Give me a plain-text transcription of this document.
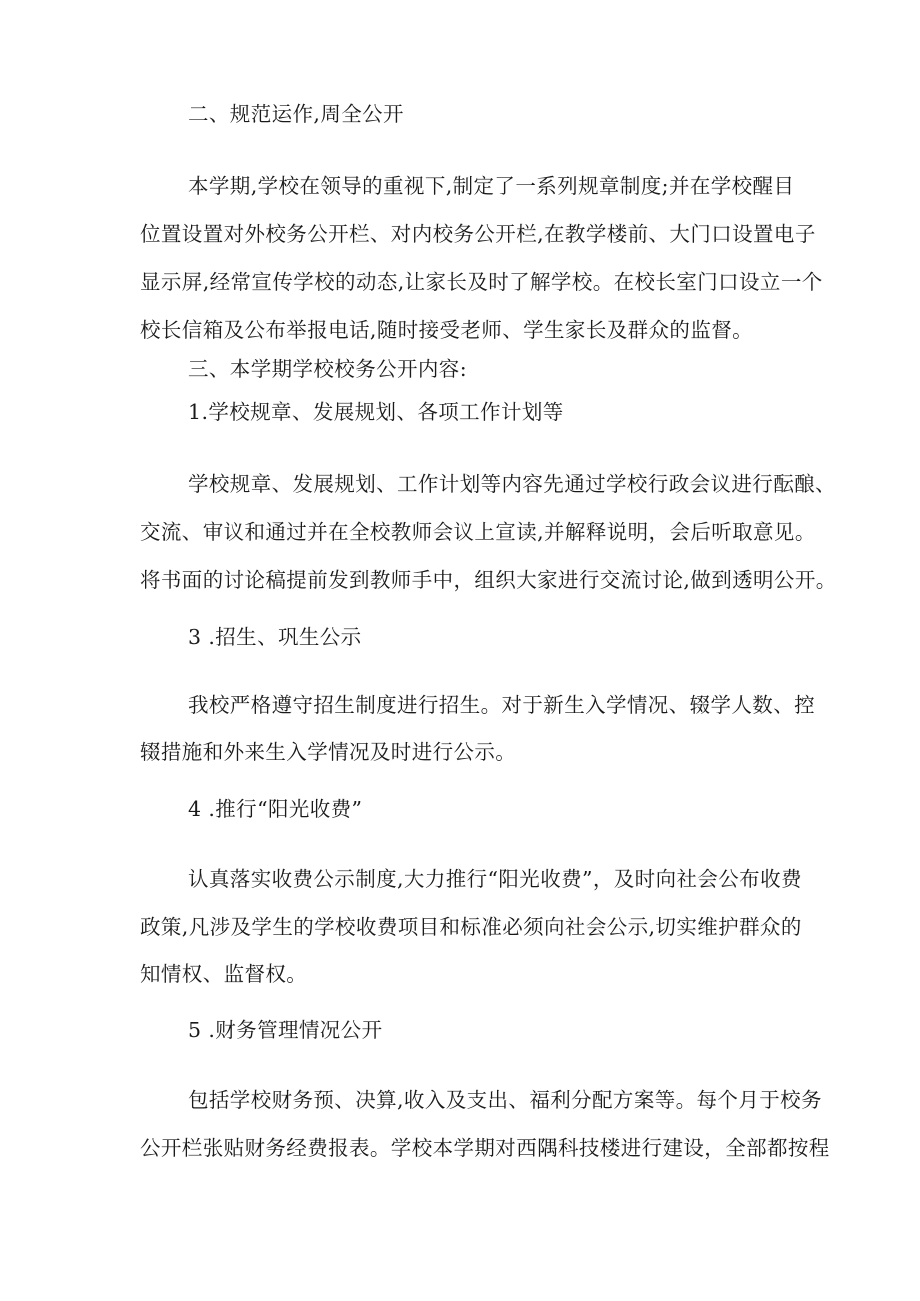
二、规范运作,周全公开
本学期,学校在领导的重视下,制定了一系列规章制度;并在学校醒目
位置设置对外校务公开栏、对内校务公开栏,在教学楼前、大门口设置电子
显示屏,经常宣传学校的动态,让家长及时了解学校。在校长室门口设立一个
校长信箱及公布举报电话,随时接受老师、学生家长及群众的监督。
三、本学期学校校务公开内容:
1.学校规章、发展规划、各项工作计划等
学校规章、发展规划、工作计划等内容先通过学校行政会议进行酝酿、
交流、审议和通过并在全校教师会议上宣读,并解释说明，会后听取意见。
将书面的讨论稿提前发到教师手中，组织大家进行交流讨论,做到透明公开。
3 .招生、巩生公示
我校严格遵守招生制度进行招生。对于新生入学情况、辍学人数、控
辍措施和外来生入学情况及时进行公示。
4 .推行“阳光收费”
认真落实收费公示制度,大力推行“阳光收费”，及时向社会公布收费
政策,凡涉及学生的学校收费项目和标准必须向社会公示,切实维护群众的
知情权、监督权。
5 .财务管理情况公开
包括学校财务预、决算,收入及支出、福利分配方案等。每个月于校务
公开栏张贴财务经费报表。学校本学期对西隅科技楼进行建设，全部都按程
